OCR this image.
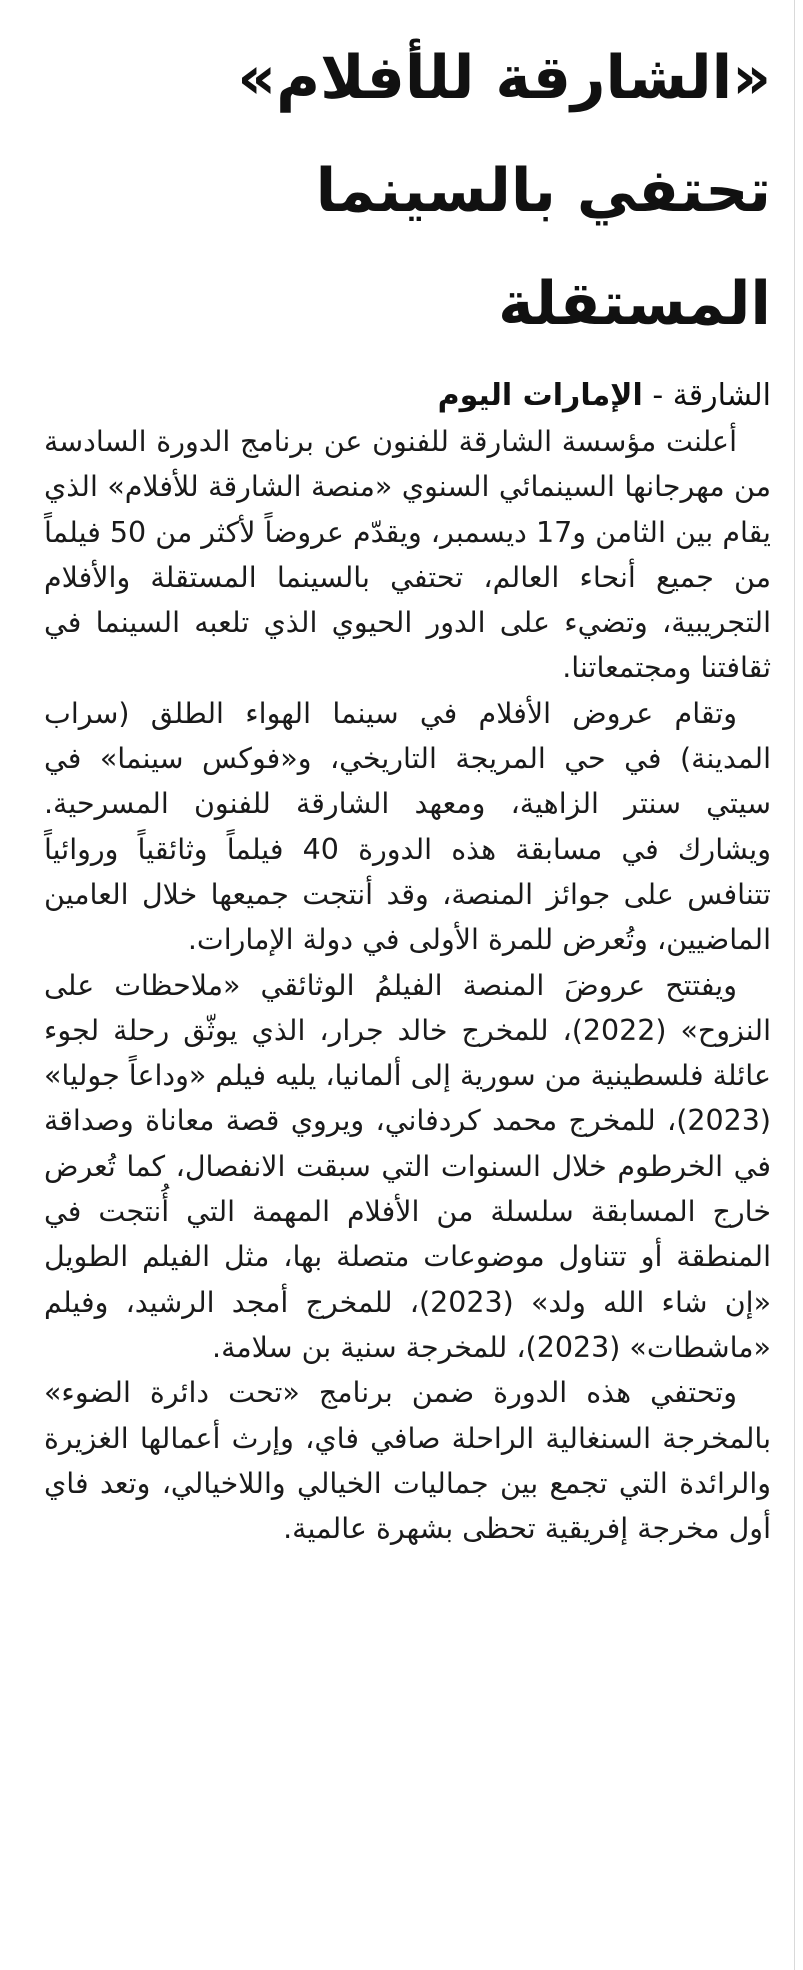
«الشارقة للأفلام»
تحتفي بالسينما
المستقلة
الشارقة - الإمارات اليوم

أعلنت مؤسسة الشارقة للفنون عن برنامج الدورة السادسة من مهرجانها السينمائي السنوي «منصة الشارقة للأفلام» الذي يقام بين الثامن و17 ديسمبر، ويقدّم عروضاً لأكثر من 50 فيلماً من جميع أنحاء العالم، تحتفي بالسينما المستقلة والأفلام التجريبية، وتضيء على الدور الحيوي الذي تلعبه السينما في ثقافتنا ومجتمعاتنا.

وتقام عروض الأفلام في سينما الهواء الطلق (سراب المدينة) في حي المريجة التاريخي، و«فوكس سينما» في سيتي سنتر الزاهية، ومعهد الشارقة للفنون المسرحية. ويشارك في مسابقة هذه الدورة 40 فيلماً وثائقياً وروائياً تتنافس على جوائز المنصة، وقد أنتجت جميعها خلال العامين الماضيين، وتُعرض للمرة الأولى في دولة الإمارات.

ويفتتح عروضَ المنصة الفيلمُ الوثائقي «ملاحظات على النزوح» (2022)، للمخرج خالد جرار، الذي يوثّق رحلة لجوء عائلة فلسطينية من سورية إلى ألمانيا، يليه فيلم «وداعاً جوليا» (2023)، للمخرج محمد كردفاني، ويروي قصة معاناة وصداقة في الخرطوم خلال السنوات التي سبقت الانفصال، كما تُعرض خارج المسابقة سلسلة من الأفلام المهمة التي أُنتجت في المنطقة أو تتناول موضوعات متصلة بها، مثل الفيلم الطويل «إن شاء الله ولد» (2023)، للمخرج أمجد الرشيد، وفيلم «ماشطات» (2023)، للمخرجة سنية بن سلامة.

وتحتفي هذه الدورة ضمن برنامج «تحت دائرة الضوء» بالمخرجة السنغالية الراحلة صافي فاي، وإرث أعمالها الغزيرة والرائدة التي تجمع بين جماليات الخيالي واللاخيالي، وتعد فاي أول مخرجة إفريقية تحظى بشهرة عالمية.
